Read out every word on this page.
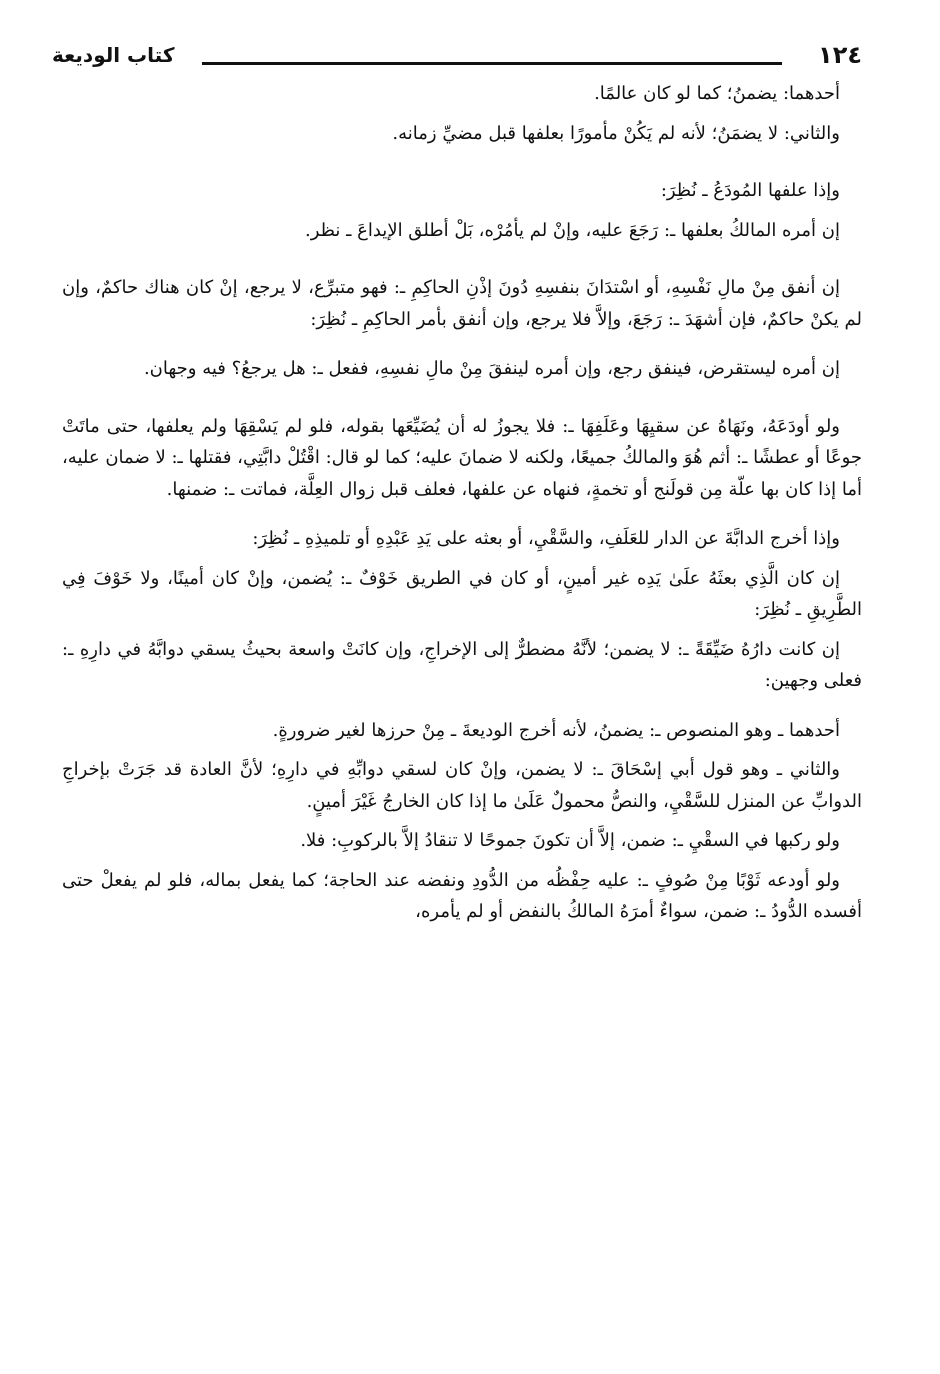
١٢٤
كتاب الوديعة

أحدهما: يضمنُ؛ كما لو كان عالمًا.

والثاني: لا يضمَنُ؛ لأنه لم يَكُنْ مأمورًا بعلفها قبل مضيِّ زمانه.

وإذا علفها المُودَعُ ـ نُظِرَ:

إن أمره المالكُ بعلفها ـ: رَجَعَ عليه، وإنْ لم يأمُرْه، بَلْ أطلق الإيداعَ ـ نظر.

إن أنفق مِنْ مالِ نَفْسِهِ، أو اسْتدَانَ بنفسِهِ دُونَ إذْنِ الحاكِمِ ـ: فهو متبرِّع، لا يرجع، إنْ كان هناك حاكمٌ، وإن لم يكنْ حاكمٌ، فإن أشهَدَ ـ: رَجَعَ، وإلاَّ فلا يرجع، وإن أنفق بأمر الحاكِمِ ـ نُظِرَ:

إن أمره ليستقرض، فينفق رجع، وإن أمره لينفقَ مِنْ مالِ نفسِهِ، ففعل ـ: هل يرجعُ؟ فيه وجهان.

ولو أودَعَهُ، ونَهَاهُ عن سقيِهَا وعَلَفِهَا ـ: فلا يجوزُ له أن يُضَيِّعَها بقوله، فلو لم يَسْقِهَا ولم يعلفها، حتى ماتَتْ جوعًا أو عطشًا ـ: أثم هُوَ والمالكُ جميعًا، ولكنه لا ضمانَ عليه؛ كما لو قال: اقْتُلْ دابَّتِي، فقتلها ـ: لا ضمان عليه، أما إذا كان بها علّة مِن قولَنج أو تخمةٍ، فنهاه عن علفها، فعلف قبل زوال العِلَّة، فماتت ـ: ضمنها.

وإذا أخرج الدابَّةَ عن الدار للعَلَفِ، والسَّقْيِ، أو بعثه على يَدِ عَبْدِهِ أو تلميذِهِ ـ نُظِرَ:

إن كان الَّذِي بعثَهُ علَىٰ يَدِه غير أمينٍ، أو كان في الطريق خَوْفٌ ـ: يُضمن، وإنْ كان أمينًا، ولا خَوْفَ فِي الطَّرِيقِ ـ نُظِرَ:

إن كانت دارُهُ ضَيِّقَةً ـ: لا يضمن؛ لأنَّهُ مضطرٌّ إلى الإخراجِ، وإن كانَتْ واسعة بحيثُ يسقي دوابَّهُ في دارِهِ ـ: فعلى وجهين:

أحدهما ـ وهو المنصوص ـ: يضمنُ، لأنه أخرج الوديعةَ ـ مِنْ حرزها لغير ضرورةٍ.

والثاني ـ وهو قول أبي إسْحَاقَ ـ: لا يضمن، وإنْ كان لسقي دوابِّهِ في دارِهِ؛ لأنَّ العادة قد جَرَتْ بإخراجِ الدوابِّ عن المنزل للسَّقْيِ، والنصُّ محمولٌ عَلَىٰ ما إذا كان الخارجُ غَيْرَ أمينٍ.

ولو ركبها في السقْيِ ـ: ضمن، إلاَّ أن تكونَ جموحًا لا تنقادُ إلاَّ بالركوبِ: فلا.

ولو أودعه ثَوْبًا مِنْ صُوفٍ ـ: عليه حِفْظُه من الدُّودِ ونفضه عند الحاجة؛ كما يفعل بماله، فلو لم يفعلْ حتى أفسده الدُّودُ ـ: ضمن، سواءٌ أمرَهُ المالكُ بالنفض أو لم يأمره،
